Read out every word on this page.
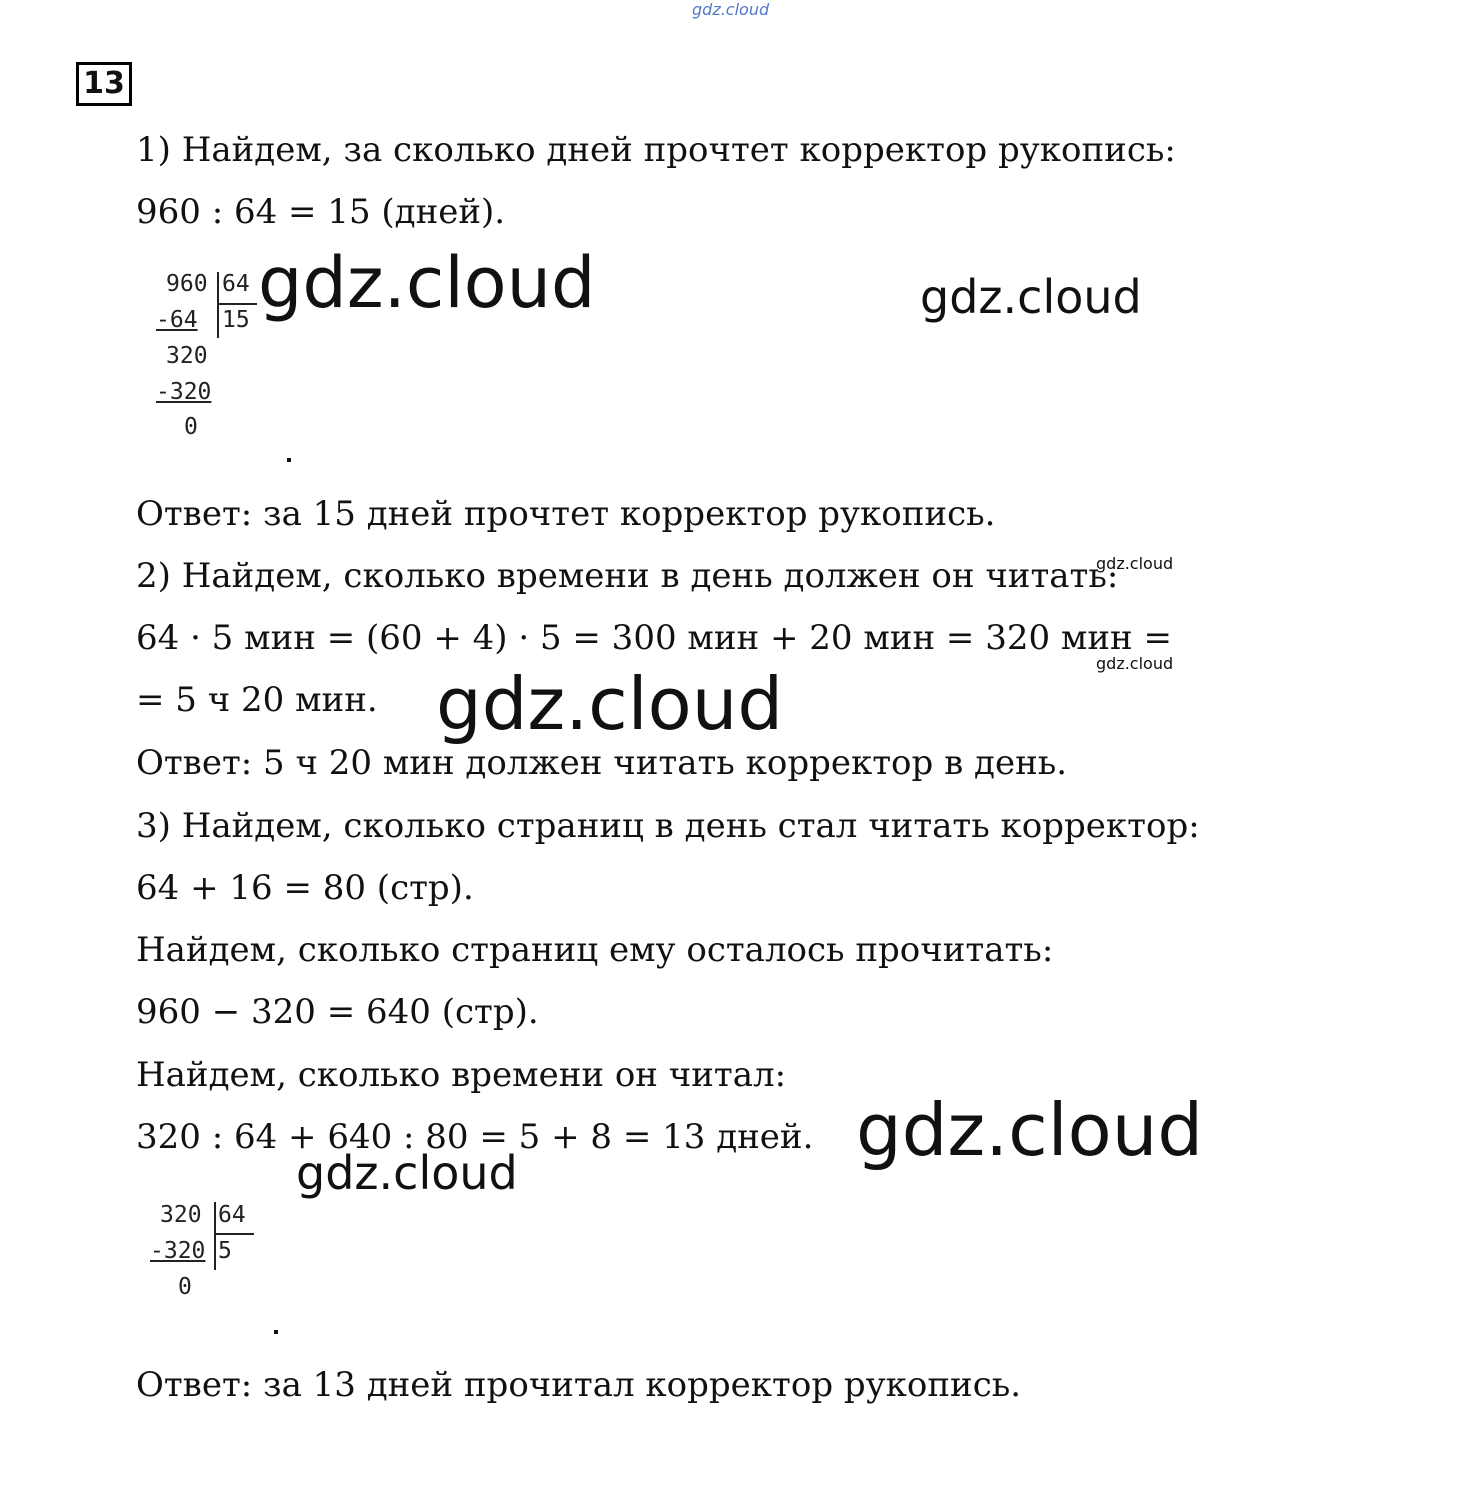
gdz.cloud
13

1) Найдем, за сколько дней прочтет корректор рукопись:

960 : 64 = 15 (дней).

960 64
-64 15
320
-320
0
gdz.cloud	gdz.cloud

Ответ: за 15 дней прочтет корректор рукопись.

2) Найдем, сколько времени в день должен он читать:

gdz.cloud

64 · 5 мин = (60 + 4) · 5 = 300 мин + 20 мин = 320 мин =

gdz.cloud

= 5 ч 20 мин. gdz.cloud

Ответ: 5 ч 20 мин должен читать корректор в день.

3) Найдем, сколько страниц в день стал читать корректор:

64 + 16 = 80 (стр).

Найдем, сколько страниц ему осталось прочитать:

960 − 320 = 640 (стр).

Найдем, сколько времени он читал:

320 : 64 + 640 : 80 = 5 + 8 = 13 дней. gdz.cloud
gdz.cloud
320 64
-320 5
0

Ответ: за 13 дней прочитал корректор рукопись.
